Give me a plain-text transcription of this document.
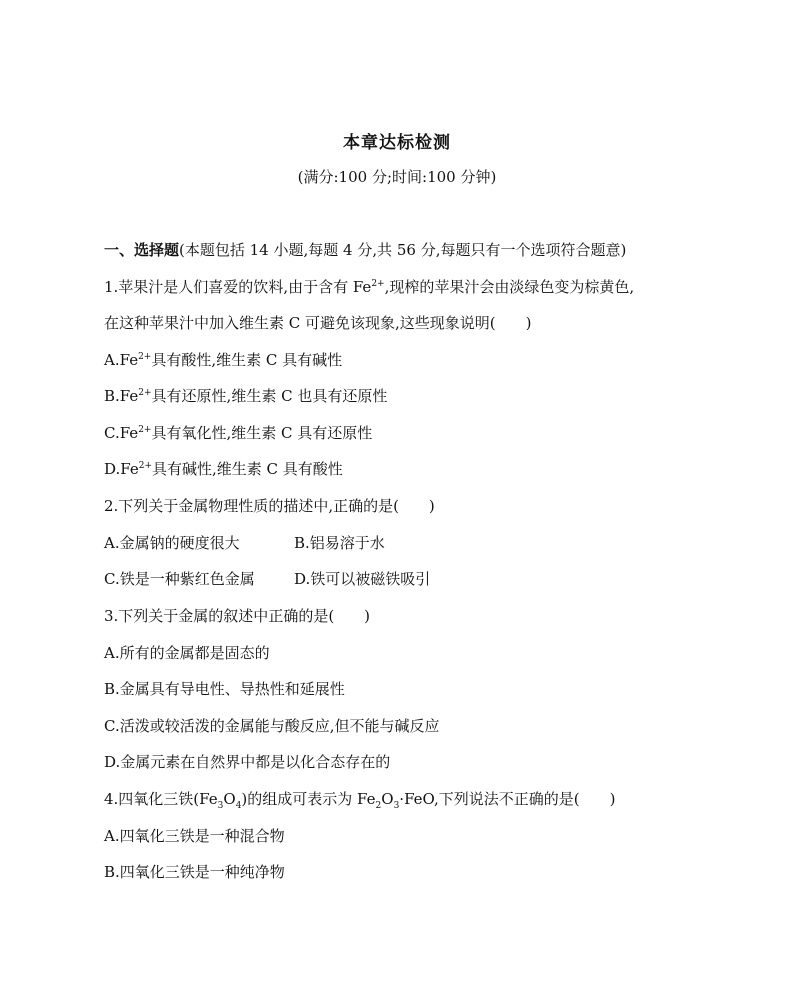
本章达标检测
(满分:100 分;时间:100 分钟)
一、选择题(本题包括 14 小题,每题 4 分,共 56 分,每题只有一个选项符合题意)
1.苹果汁是人们喜爱的饮料,由于含有 $Fe^{2+}$,现榨的苹果汁会由淡绿色变为棕黄色,
在这种苹果汁中加入维生素 C 可避免该现象,这些现象说明(　　)
$A.Fe^{2+}$具有酸性,维生素 C 具有碱性
$B.Fe^{2+}$具有还原性,维生素 C 也具有还原性
$C.Fe^{2+}$具有氧化性,维生素 C 具有还原性
$D.Fe^{2+}$具有碱性,维生素 C 具有酸性
2.下列关于金属物理性质的描述中,正确的是(　　)
A.金属钠的硬度很大	B.铝易溶于水
C.铁是一种紫红色金属	D.铁可以被磁铁吸引
3.下列关于金属的叙述中正确的是(　　)
A.所有的金属都是固态的
B.金属具有导电性、导热性和延展性
C.活泼或较活泼的金属能与酸反应,但不能与碱反应
D.金属元素在自然界中都是以化合态存在的
4.四氧化三铁$(Fe_3O_4)$的组成可表示为 $Fe_2O_3\cdot FeO$,下列说法不正确的是(　　)
A.四氧化三铁是一种混合物
B.四氧化三铁是一种纯净物
